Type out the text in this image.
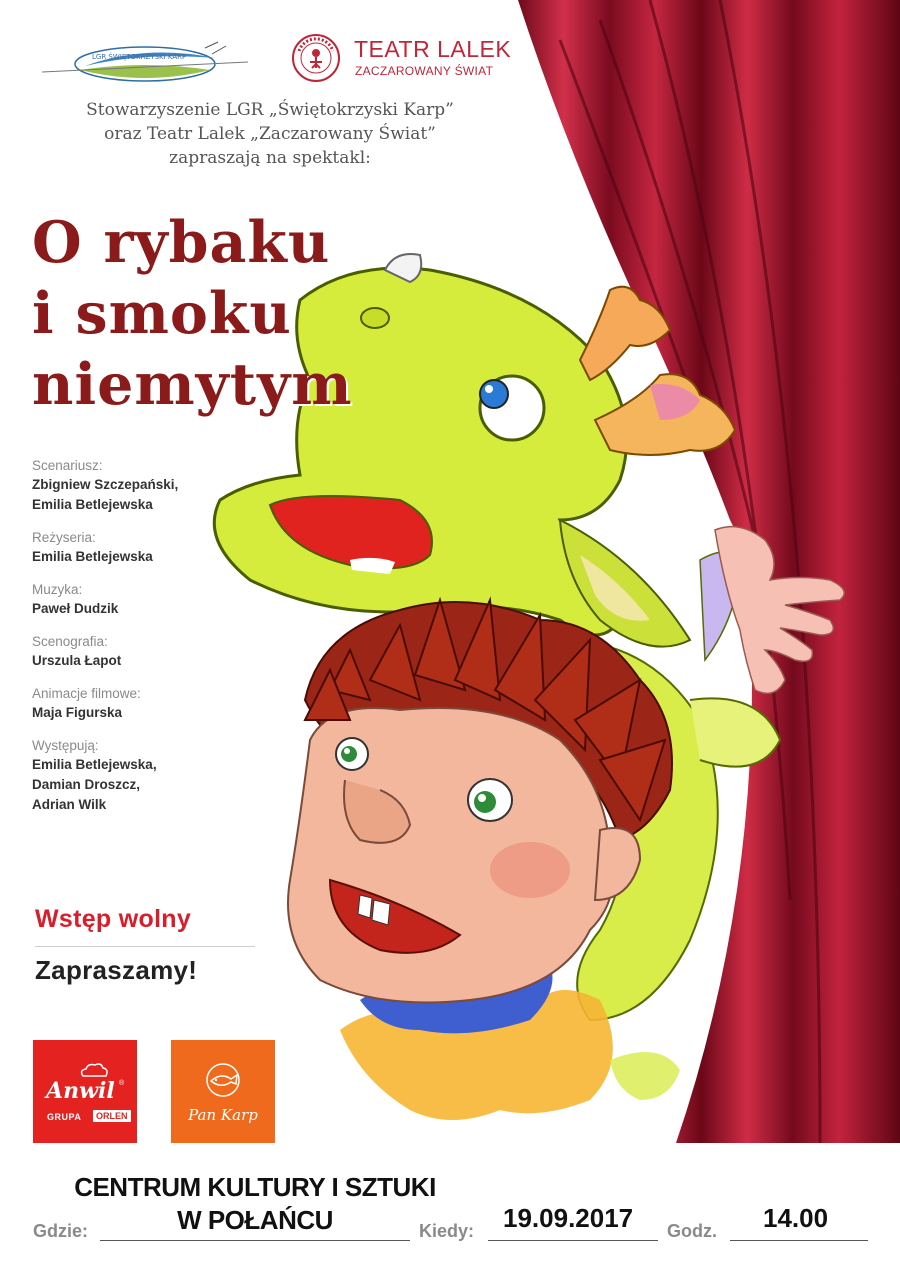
LGR ŚWIĘTOKRZYSKI KARP	TEATR LALEK
ZACZAROWANY ŚWIAT
Stowarzyszenie LGR „Świętokrzyski Karp”
oraz Teatr Lalek „Zaczarowany Świat”
zapraszają na spektakl:
O rybaku
i smoku
niemytym
Scenariusz:
Zbigniew Szczepański,
Emilia Betlejewska
Reżyseria:
Emilia Betlejewska
Muzyka:
Paweł Dudzik
Scenografia:
Urszula Łapot
Animacje filmowe:
Maja Figurska
Występują:
Emilia Betlejewska,
Damian Droszcz,
Adrian Wilk
Wstęp wolny
Zapraszamy!
Anwil ®
GRUPA	ORLEN	Pan Karp
CENTRUM KULTURY I SZTUKI
W POŁAŃCU
Gdzie:	Kiedy: 19.09.2017 Godz. 14.00
